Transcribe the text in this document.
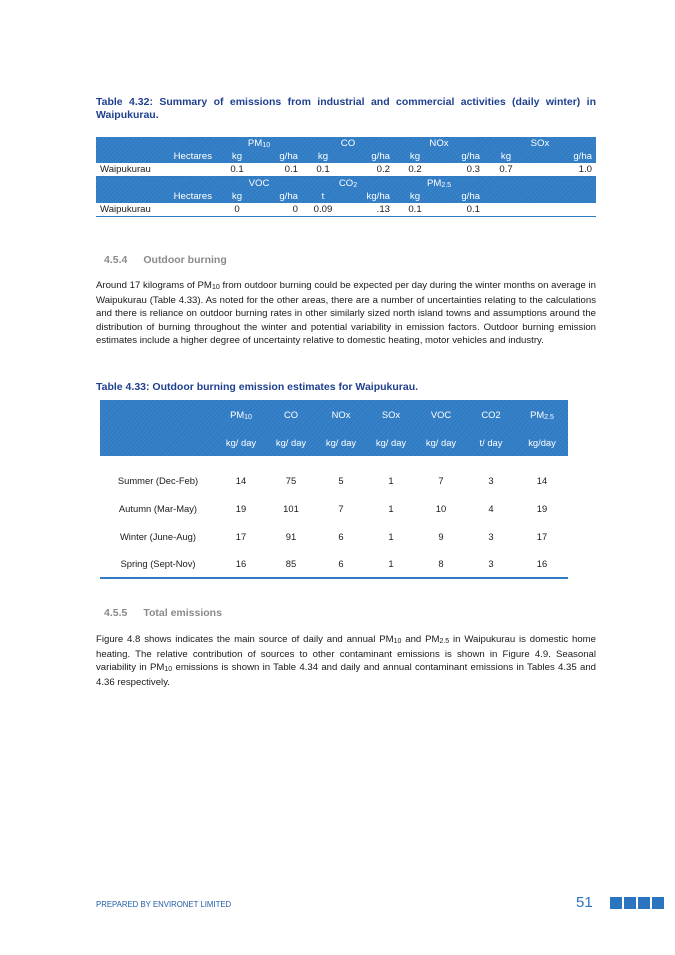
Table 4.32: Summary of emissions from industrial and commercial activities (daily winter) in Waipukurau.
	$PM_{10}$		CO		NOx		SOx	
Hectares	kg	g/ha	kg	g/ha	kg	g/ha	kg	g/ha
Waipukurau	0.1	0.1	0.1	0.2	0.2	0.3	0.7	1.0
	VOC		$CO_2$		$PM_{2.5}$	
Hectares	kg	g/ha	t	kg/ha	kg	g/ha		
Waipukurau	0	0	0.09	.13	0.1	0.1		
4.5.4 Outdoor burning
Around 17 kilograms of $PM_{10}$ from outdoor burning could be expected per day during the winter months on average in Waipukurau (Table 4.33). As noted for the other areas, there are a number of uncertainties relating to the calculations and there is reliance on outdoor burning rates in other similarly sized north island towns and assumptions around the distribution of burning throughout the winter and potential variability in emission factors. Outdoor burning emission estimates include a higher degree of uncertainty relative to domestic heating, motor vehicles and industry.
Table 4.33: Outdoor burning emission estimates for Waipukurau.
	$PM_{10}$	CO	NOx	SOx	VOC	CO2	$PM_{2.5}$
	kg/ day	kg/ day	kg/ day	kg/ day	kg/ day	t/ day	kg/day

Summer (Dec-Feb)	14	75	5	1	7	3	14
Autumn (Mar-May)	19	101	7	1	10	4	19
Winter (June-Aug)	17	91	6	1	9	3	17
Spring (Sept-Nov)	16	85	6	1	8	3	16
4.5.5 Total emissions
Figure 4.8 shows indicates the main source of daily and annual $PM_{10}$ and $PM_{2.5}$ in Waipukurau is domestic home heating. The relative contribution of sources to other contaminant emissions is shown in Figure 4.9. Seasonal variability in $PM_{10}$ emissions is shown in Table 4.34 and daily and annual contaminant emissions in Tables 4.35 and 4.36 respectively.
PREPARED BY ENVIRONET LIMITED	51
